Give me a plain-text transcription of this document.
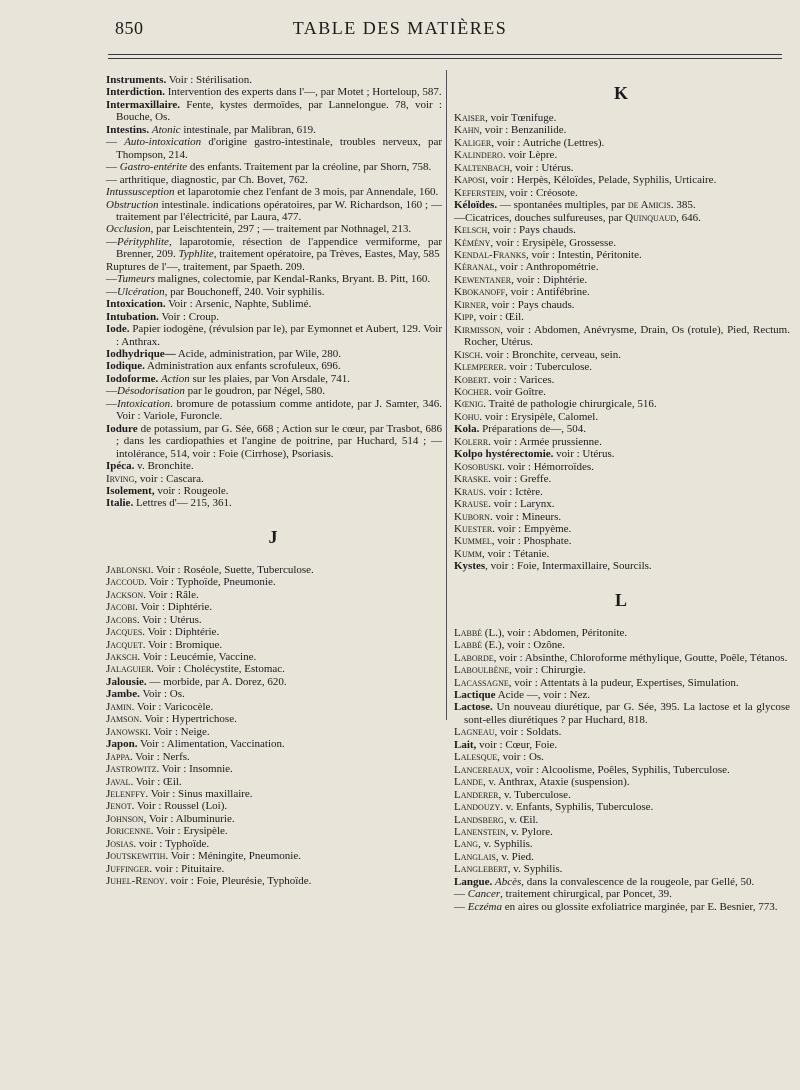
850	TABLE DES MATIÈRES

Instruments. Voir : Stérilisation.

Interdiction. Intervention des experts dans l'—, par Motet ; Horteloup, 587.

Intermaxillaire. Fente, kystes dermoïdes, par Lannelongue. 78, voir : Bouche, Os.

Intestins. Atonic intestinale, par Malibran, 619.

— Auto-intoxication d'origine gastro-intestinale, troubles nerveux, par Thompson, 214.

— Gastro-entérite des enfants. Traitement par la créoline, par Shorn, 758.

— arthritique, diagnostic, par Ch. Bovet, 762.

Intussusception et laparotomie chez l'enfant de 3 mois, par Annendale, 160.

Obstruction intestinale. indications opératoires, par W. Richardson, 160 ; — traitement par l'électricité, par Laura, 477.

Occlusion, par Leischtentein, 297 ; — traitement par Nothnagel, 213.

—Pérityphlite, laparotomie, résection de l'appendice vermiforme, par Brenner, 209. Typhlite, traitement opératoire, pa Trèves, Eastes, May, 585

Ruptures de l'—, traitement, par Spaeth. 209.

—Tumeurs malignes, colectomie, par Kendal-Ranks, Bryant. B. Pitt, 160.

—Ulcération, par Bouchoneff, 240. Voir syphilis.

Intoxication. Voir : Arsenic, Naphte, Sublimé.

Intubation. Voir : Croup.

Iode. Papier iodogène, (révulsion par le), par Eymonnet et Aubert, 129. Voir : Anthrax.

Iodhydrique— Acide, administration, par Wile, 280.

Iodique. Administration aux enfants scrofuleux, 696.

Iodoforme. Action sur les plaies, par Von Arsdale, 741.

—Désodorisation par le goudron, par Négel, 580.

—Intoxication. bromure de potassium comme antidote, par J. Samter, 346. Voir : Variole, Furoncle.

Iodure de potassium, par G. Sée, 668 ; Action sur le cœur, par Trasbot, 686 ; dans les cardiopathies et l'angine de poitrine, par Huchard, 514 ; —intolérance, 514, voir : Foie (Cirrhose), Psoriasis.

Ipéca. v. Bronchite.

Irving, voir : Cascara.

Isolement, voir : Rougeole.

Italie. Lettres d'— 215, 361.

J

Jablonski. Voir : Roséole, Suette, Tuberculose.

Jaccoud. Voir : Typhoïde, Pneumonie.

Jackson. Voir : Râle.

Jacobi. Voir : Diphtérie.

Jacobs. Voir : Utérus.

Jacques. Voir : Diphtérie.

Jacquet. Voir : Bromique.

Jaksch. Voir : Leucémie, Vaccine.

Jalaguier. Voir : Cholécystite, Estomac.

Jalousie. — morbide, par A. Dorez, 620.

Jambe. Voir : Os.

Jamin. Voir : Varicocèle.

Jamson. Voir : Hypertrichose.

Janowski. Voir : Neige.

Japon. Voir : Alimentation, Vaccination.

Jappa. Voir : Nerfs.

Jastrowitz. Voir : Insomnie.

Javal. Voir : Œil.

Jelenffy. Voir : Sinus maxillaire.

Jenot. Voir : Roussel (Loi).

Johnson, Voir : Albuminurie.

Joricenne. Voir : Erysipèle.

Josias. voir : Typhoïde.

Joutskewitih. Voir : Méningite, Pneumonie.

Juffinger. voir : Pituitaire.

Juhel-Renoy. voir : Foie, Pleurésie, Typhoïde.

K

Kaiser, voir Tœnifuge.

Kahn, voir : Benzanilide.

Kaliger, voir : Autriche (Lettres).

Kalindero. voir Lèpre.

Kaltenbach, voir : Utérus.

Kaposi, voir : Herpès, Kéloïdes, Pelade, Syphilis, Urticaire.

Keferstein, voir : Créosote.

Kéloïdes. — spontanées multiples, par de Amicis. 385.

—Cicatrices, douches sulfureuses, par Quinquaud, 646.

Kelsch, voir : Pays chauds.

Kémény, voir : Erysipèle, Grossesse.

Kendal-Franks, voir : Intestin, Péritonite.

Kéranal, voir : Anthropométrie.

Kewentaner, voir : Diphtérie.

Kbokanoff, voir : Antifébrine.

Kirner, voir : Pays chauds.

Kipp, voir : Œil.

Kirmisson, voir : Abdomen, Anévrysme, Drain, Os (rotule), Pied, Rectum. Rocher, Utérus.

Kisch. voir : Bronchite, cerveau, sein.

Klemperer. voir : Tuberculose.

Kobert. voir : Varices.

Kocher. voir Goître.

Kœnig. Traité de pathologie chirurgicale, 516.

Kohu. voir : Erysipèle, Calomel.

Kola. Préparations de—, 504.

Kolerr. voir : Armée prussienne.

Kolpo hystérectomie. voir : Utérus.

Kosobuski. voir : Hémorroïdes.

Kraske. voir : Greffe.

Kraus. voir : Ictère.

Krause. voir : Larynx.

Kuborn. voir : Mineurs.

Kuester. voir : Empyème.

Kummel, voir : Phosphate.

Kumm, voir : Tétanie.

Kystes, voir : Foie, Intermaxillaire, Sourcils.

L

Labbé (L.), voir : Abdomen, Péritonite.

Labbé (E.), voir : Ozône.

Laborde, voir : Absinthe, Chloroforme méthylique, Goutte, Poêle, Tétanos.

Laboulbène, voir : Chirurgie.

Lacassagne, voir : Attentats à la pudeur, Expertises, Simulation.

Lactique Acide —, voir : Nez.

Lactose. Un nouveau diurétique, par G. Sée, 395. La lactose et la glycose sont-elles diurétiques ? par Huchard, 818.

Lagneau, voir : Soldats.

Lait, voir : Cœur, Foie.

Lalesque, voir : Os.

Lancereaux, voir : Alcoolisme, Poêles, Syphilis, Tuberculose.

Lande, v. Anthrax, Ataxie (suspension).

Landerer, v. Tuberculose.

Landouzy. v. Enfants, Syphilis, Tuberculose.

Landsberg, v. Œil.

Lanenstein, v. Pylore.

Lang, v. Syphilis.

Langlais, v. Pied.

Langlebert, v. Syphilis.

Langue. Abcès, dans la convalescence de la rougeole, par Gellé, 50.

— Cancer, traitement chirurgical, par Poncet, 39.

— Eczéma en aires ou glossite exfoliatrice marginée, par E. Besnier, 773.
